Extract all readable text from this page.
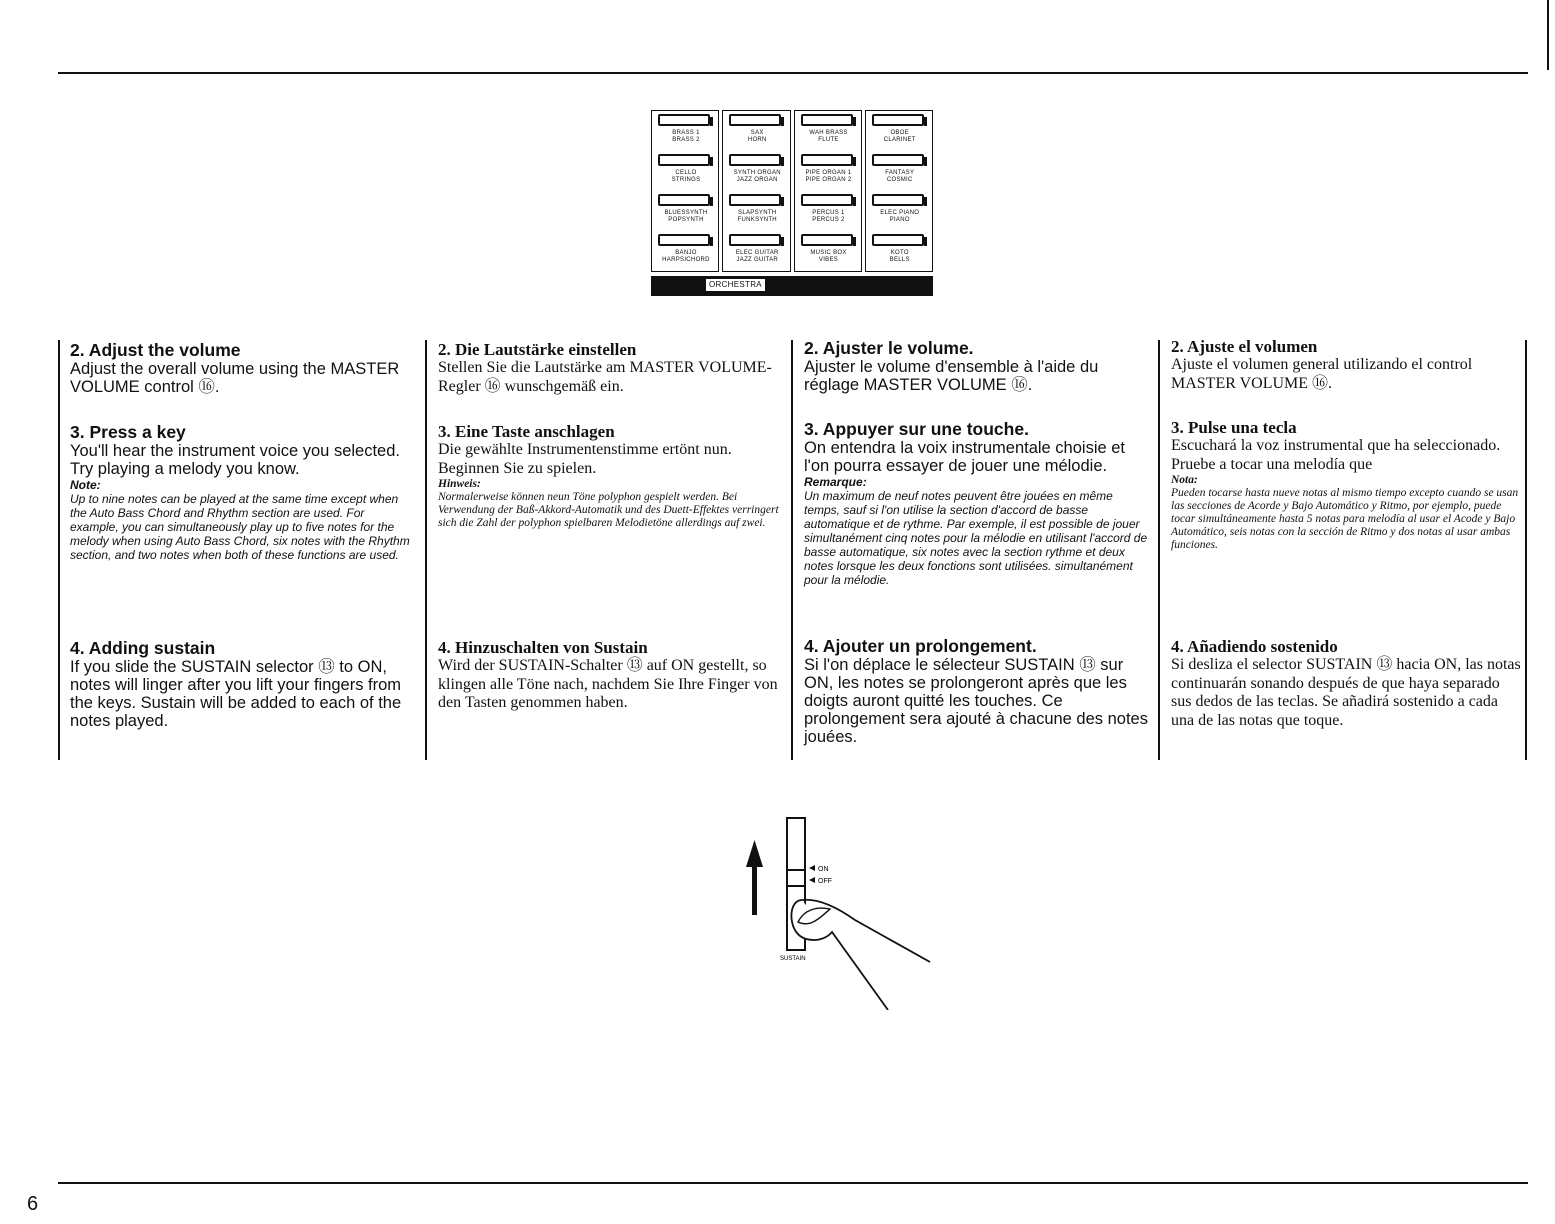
BRASS 1
BRASS 2
CELLO
STRINGS
BLUESSYNTH
POPSYNTH
BANJO
HARPSICHORD
SAX
HORN
SYNTH ORGAN
JAZZ ORGAN
SLAPSYNTH
FUNKSYNTH
ELEC GUITAR
JAZZ GUITAR
WAH BRASS
FLUTE
PIPE ORGAN 1
PIPE ORGAN 2
PERCUS 1
PERCUS 2
MUSIC BOX
VIBES
OBOE
CLARINET
FANTASY
COSMIC
ELEC PIANO
PIANO
KOTO
BELLS
ORCHESTRA
2. Adjust the volume

Adjust the overall volume using the MASTER VOLUME control ⑯.

3. Press a key

You'll hear the instrument voice you selected. Try playing a melody you know.

Note:
Up to nine notes can be played at the same time except when the Auto Bass Chord and Rhythm section are used. For example, you can simultaneously play up to five notes for the melody when using Auto Bass Chord, six notes with the Rhythm section, and two notes when both of these functions are used.
4. Adding sustain

If you slide the SUSTAIN selector ⑬ to ON, notes will linger after you lift your fingers from the keys. Sustain will be added to each of the notes played.

2. Die Lautstärke einstellen

Stellen Sie die Lautstärke am MASTER VOLUME-Regler ⑯ wunschgemäß ein.

3. Eine Taste anschlagen

Die gewählte Instrumentenstimme ertönt nun. Beginnen Sie zu spielen.

Hinweis:
Normalerweise können neun Töne polyphon gespielt werden. Bei Verwendung der Baß-Akkord-Automatik und des Duett-Effektes verringert sich die Zahl der polyphon spielbaren Melodietöne allerdings auf zwei.
4. Hinzuschalten von Sustain

Wird der SUSTAIN-Schalter ⑬ auf ON gestellt, so klingen alle Töne nach, nachdem Sie Ihre Finger von den Tasten genommen haben.

2. Ajuster le volume.

Ajuster le volume d'ensemble à l'aide du réglage MASTER VOLUME ⑯.

3. Appuyer sur une touche.

On entendra la voix instrumentale choisie et l'on pourra essayer de jouer une mélodie.

Remarque:
Un maximum de neuf notes peuvent être jouées en même temps, sauf si l'on utilise la section d'accord de basse automatique et de rythme. Par exemple, il est possible de jouer simultanément cinq notes pour la mélodie en utilisant l'accord de basse automatique, six notes avec la section rythme et deux notes lorsque les deux fonctions sont utilisées. simultanément pour la mélodie.
4. Ajouter un prolongement.

Si l'on déplace le sélecteur SUSTAIN ⑬ sur ON, les notes se prolongeront après que les doigts auront quitté les touches. Ce prolongement sera ajouté à chacune des notes jouées.

2. Ajuste el volumen

Ajuste el volumen general utilizando el control MASTER VOLUME ⑯.

3. Pulse una tecla

Escuchará la voz instrumental que ha seleccionado. Pruebe a tocar una melodía que

Nota:
Pueden tocarse hasta nueve notas al mismo tiempo excepto cuando se usan las secciones de Acorde y Bajo Automático y Ritmo, por ejemplo, puede tocar simultáneamente hasta 5 notas para melodía al usar el Acode y Bajo Automático, seis notas con la sección de Ritmo y dos notas al usar ambas funciones.
4. Añadiendo sostenido

Si desliza el selector SUSTAIN ⑬ hacia ON, las notas continuarán sonando después de que haya separado sus dedos de las teclas. Se añadirá sostenido a cada una de las notas que toque.

ON
OFF
SUSTAIN
6
